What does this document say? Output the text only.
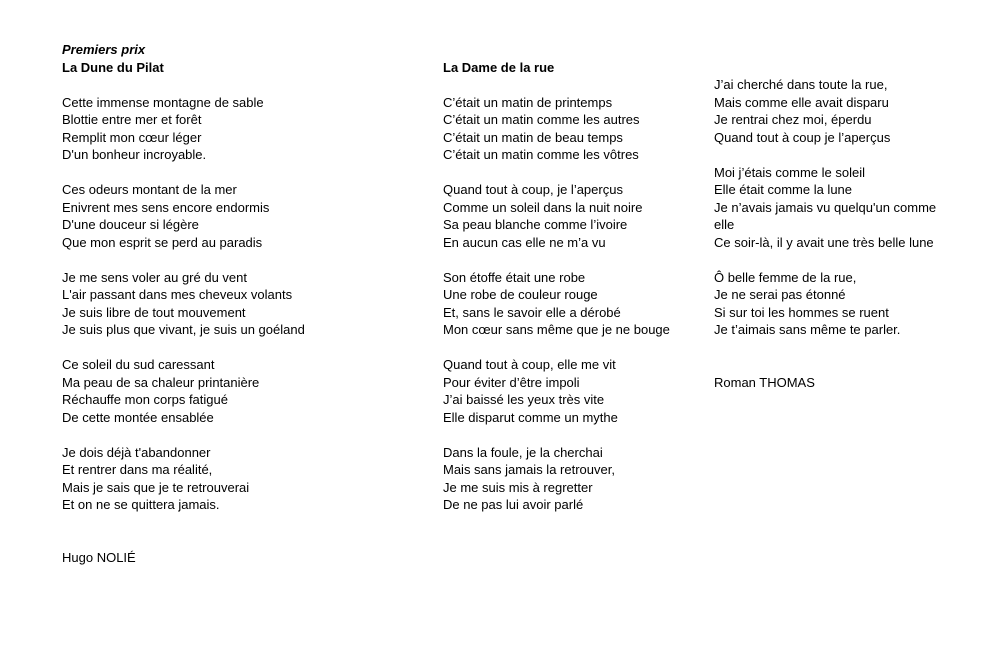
Premiers prix
La Dune du Pilat
Cette immense montagne de sable
Blottie entre mer et forêt
Remplit mon cœur léger
D'un bonheur incroyable.
Ces odeurs montant de la mer
Enivrent mes sens encore endormis
D'une douceur si légère
Que mon esprit se perd au paradis
Je me sens voler au gré du vent
L'air passant dans mes cheveux volants
Je suis libre de tout mouvement
Je suis plus que vivant, je suis un goéland
Ce soleil du sud caressant
Ma peau de sa chaleur printanière
Réchauffe mon corps fatigué
De cette montée ensablée
Je dois déjà t'abandonner
Et rentrer dans ma réalité,
Mais je sais que je te retrouverai
Et on ne se quittera jamais.
Hugo NOLIÉ
La Dame de la rue
C’était un matin de printemps
C’était un matin comme les autres
C’était un matin de beau temps
C’était un matin comme les vôtres
Quand tout à coup, je l’aperçus
Comme un soleil dans la nuit noire
Sa peau blanche comme l’ivoire
En aucun cas elle ne m’a vu
Son étoffe était une robe
Une robe de couleur rouge
Et, sans le savoir elle a dérobé
Mon cœur sans même que je ne bouge
Quand tout à coup, elle me vit
Pour éviter d’être impoli
J’ai baissé les yeux très vite
Elle disparut comme un mythe
Dans la foule, je la cherchai
Mais sans jamais la retrouver,
Je me suis mis à regretter
De ne pas lui avoir parlé
J’ai cherché dans toute la rue,
Mais comme elle avait disparu
Je rentrai chez moi, éperdu
Quand tout à coup je l’aperçus
Moi j’étais comme le soleil
Elle était comme la lune
Je n’avais jamais vu quelqu'un comme elle
Ce soir-là, il y avait une très belle lune
Ô belle femme de la rue,
Je ne serai pas étonné
Si sur toi les hommes se ruent
Je t’aimais sans même te parler.
Roman THOMAS
